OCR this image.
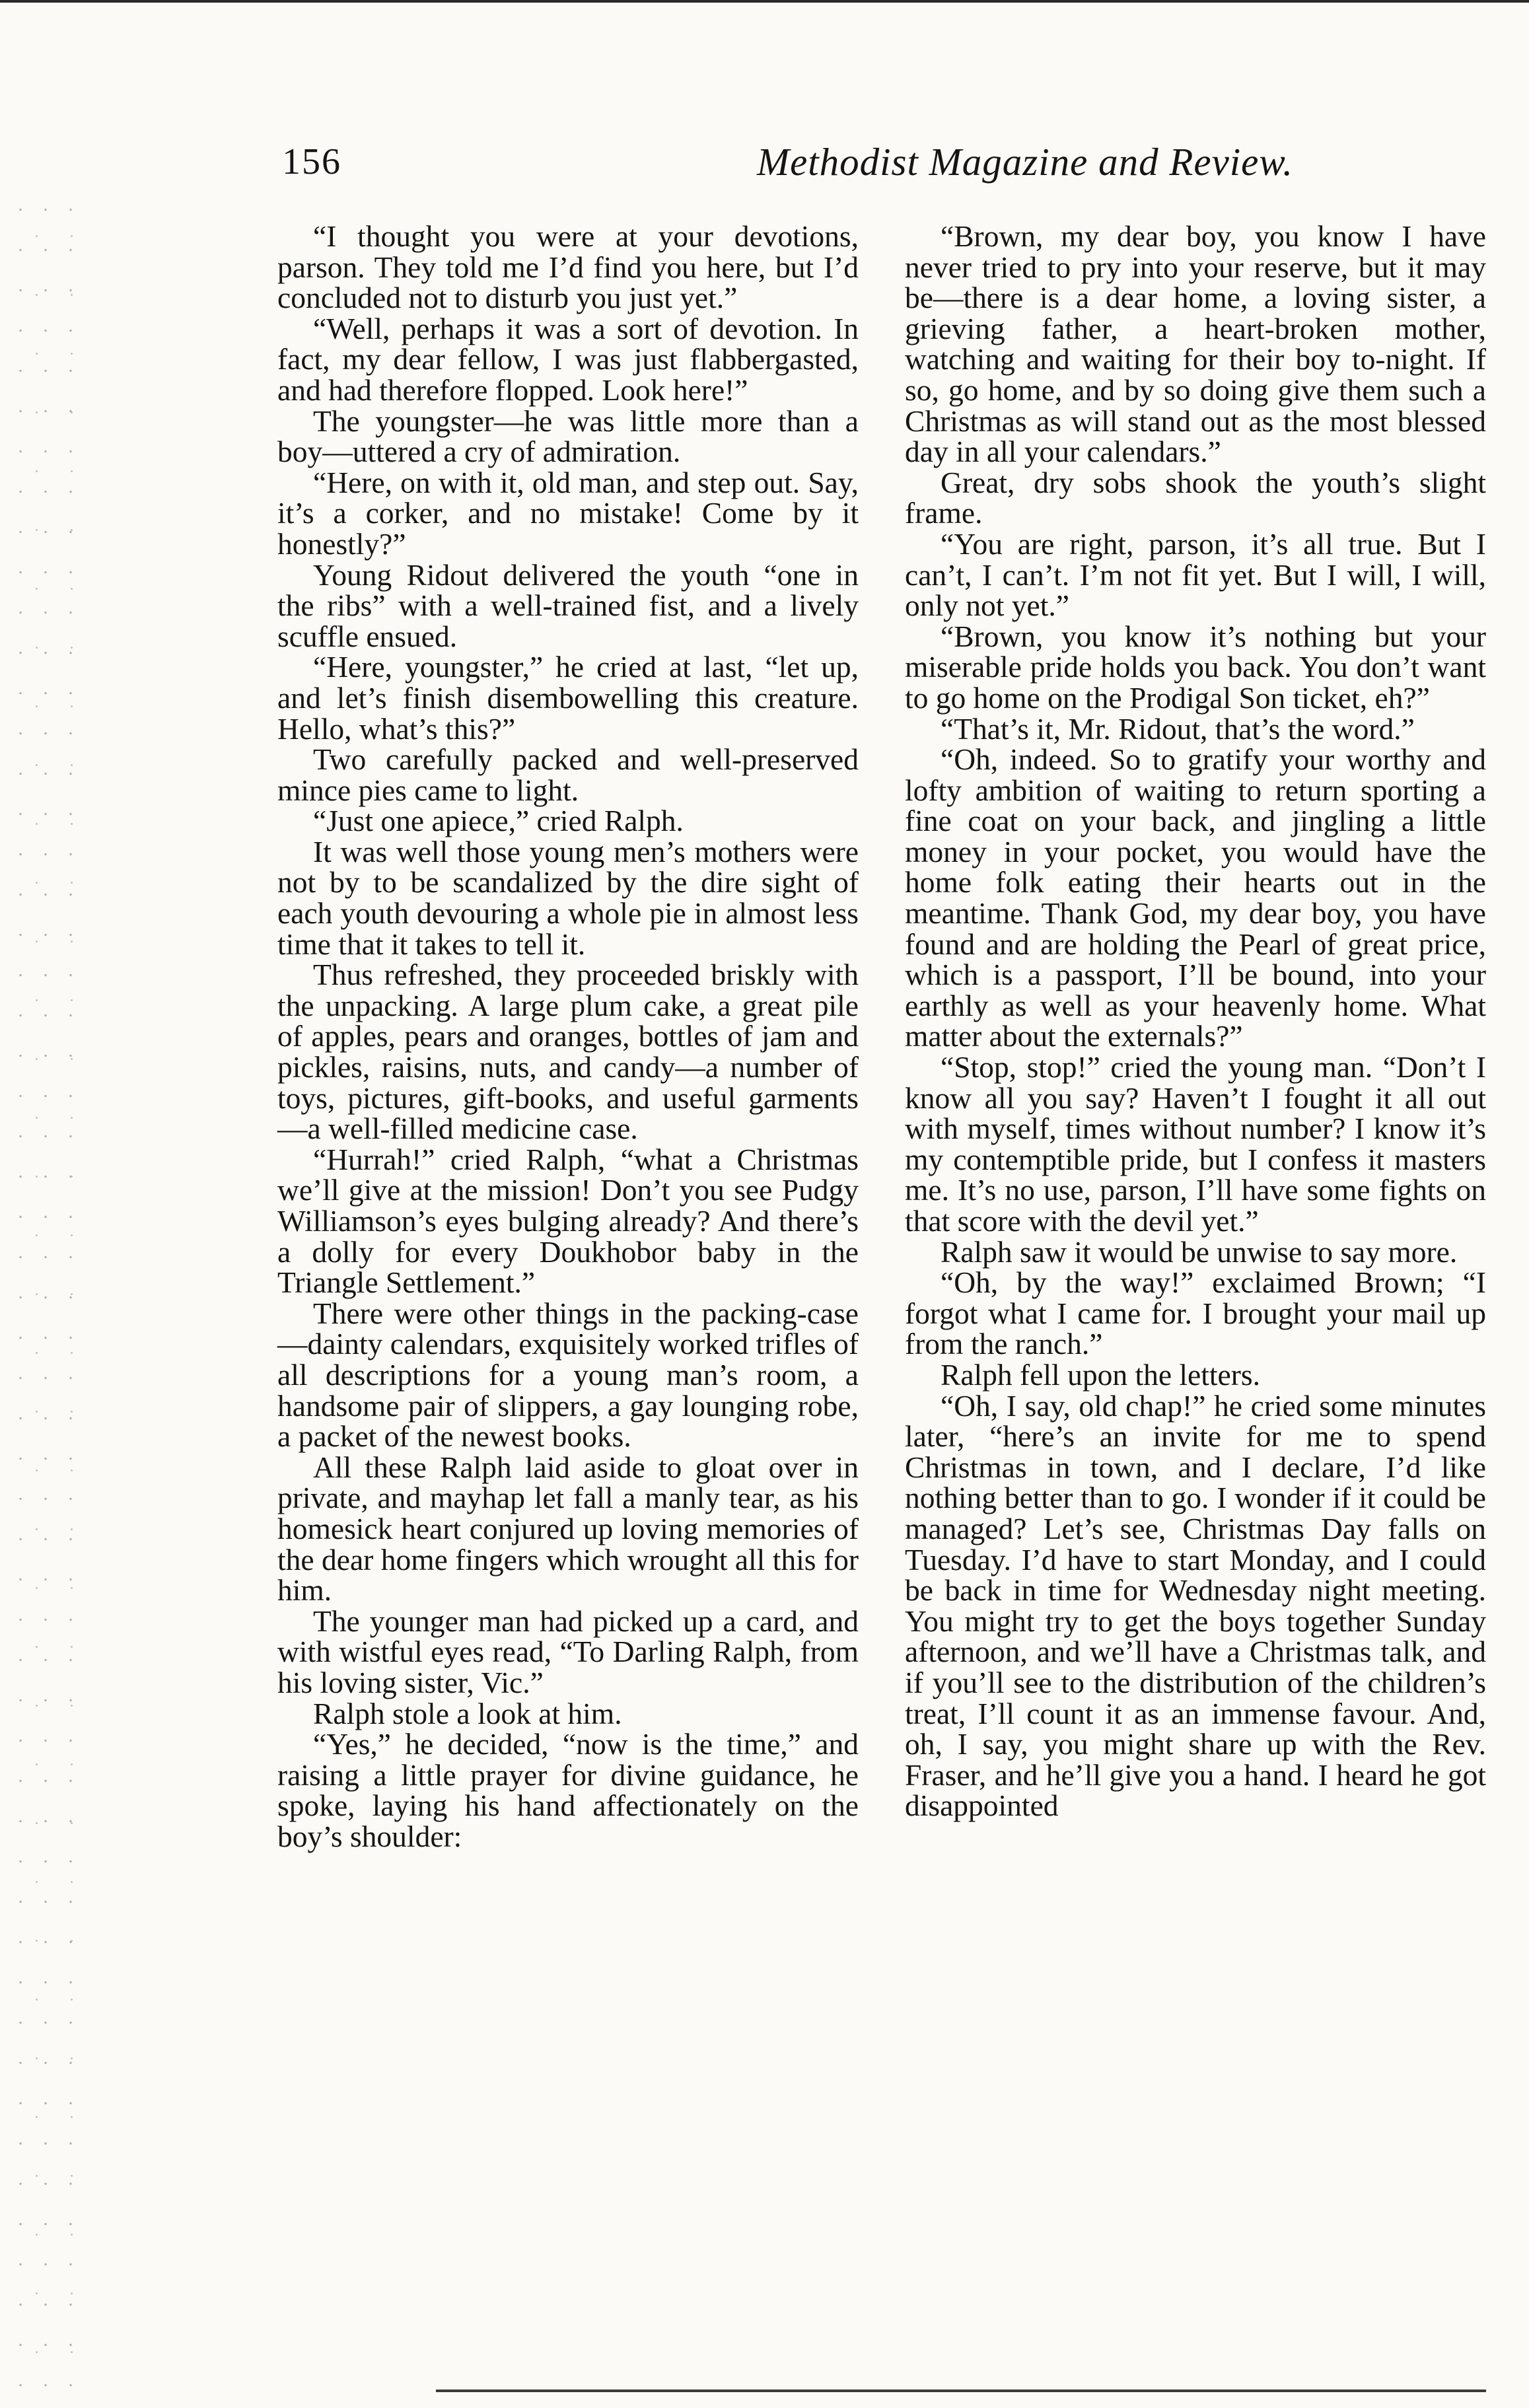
156	Methodist Magazine and Review.

“I thought you were at your devotions, parson. They told me I’d find you here, but I’d concluded not to disturb you just yet.”

“Well, perhaps it was a sort of devotion. In fact, my dear fellow, I was just flabbergasted, and had therefore flopped. Look here!”

The youngster—he was little more than a boy—uttered a cry of admiration.

“Here, on with it, old man, and step out. Say, it’s a corker, and no mistake! Come by it honestly?”

Young Ridout delivered the youth “one in the ribs” with a well-trained fist, and a lively scuffle ensued.

“Here, youngster,” he cried at last, “let up, and let’s finish disembowelling this creature. Hello, what’s this?”

Two carefully packed and well-preserved mince pies came to light.

“Just one apiece,” cried Ralph.

It was well those young men’s mothers were not by to be scandalized by the dire sight of each youth devouring a whole pie in almost less time that it takes to tell it.

Thus refreshed, they proceeded briskly with the unpacking. A large plum cake, a great pile of apples, pears and oranges, bottles of jam and pickles, raisins, nuts, and candy—a number of toys, pictures, gift-books, and useful garments—a well-filled medicine case.

“Hurrah!” cried Ralph, “what a Christmas we’ll give at the mission! Don’t you see Pudgy Williamson’s eyes bulging already? And there’s a dolly for every Doukhobor baby in the Triangle Settlement.”

There were other things in the packing-case—dainty calendars, exquisitely worked trifles of all descriptions for a young man’s room, a handsome pair of slippers, a gay lounging robe, a packet of the newest books.

All these Ralph laid aside to gloat over in private, and mayhap let fall a manly tear, as his homesick heart conjured up loving memories of the dear home fingers which wrought all this for him.

The younger man had picked up a card, and with wistful eyes read, “To Darling Ralph, from his loving sister, Vic.”

Ralph stole a look at him.

“Yes,” he decided, “now is the time,” and raising a little prayer for divine guidance, he spoke, laying his hand affectionately on the boy’s shoulder:

“Brown, my dear boy, you know I have never tried to pry into your reserve, but it may be—there is a dear home, a loving sister, a grieving father, a heart-broken mother, watching and waiting for their boy to-night. If so, go home, and by so doing give them such a Christmas as will stand out as the most blessed day in all your calendars.”

Great, dry sobs shook the youth’s slight frame.

“You are right, parson, it’s all true. But I can’t, I can’t. I’m not fit yet. But I will, I will, only not yet.”

“Brown, you know it’s nothing but your miserable pride holds you back. You don’t want to go home on the Prodigal Son ticket, eh?”

“That’s it, Mr. Ridout, that’s the word.”

“Oh, indeed. So to gratify your worthy and lofty ambition of waiting to return sporting a fine coat on your back, and jingling a little money in your pocket, you would have the home folk eating their hearts out in the meantime. Thank God, my dear boy, you have found and are holding the Pearl of great price, which is a passport, I’ll be bound, into your earthly as well as your heavenly home. What matter about the externals?”

“Stop, stop!” cried the young man. “Don’t I know all you say? Haven’t I fought it all out with myself, times without number? I know it’s my contemptible pride, but I confess it masters me. It’s no use, parson, I’ll have some fights on that score with the devil yet.”

Ralph saw it would be unwise to say more.

“Oh, by the way!” exclaimed Brown; “I forgot what I came for. I brought your mail up from the ranch.”

Ralph fell upon the letters.

“Oh, I say, old chap!” he cried some minutes later, “here’s an invite for me to spend Christmas in town, and I declare, I’d like nothing better than to go. I wonder if it could be managed? Let’s see, Christmas Day falls on Tuesday. I’d have to start Monday, and I could be back in time for Wednesday night meeting. You might try to get the boys together Sunday afternoon, and we’ll have a Christmas talk, and if you’ll see to the distribution of the children’s treat, I’ll count it as an immense favour. And, oh, I say, you might share up with the Rev. Fraser, and he’ll give you a hand. I heard he got disappointed
